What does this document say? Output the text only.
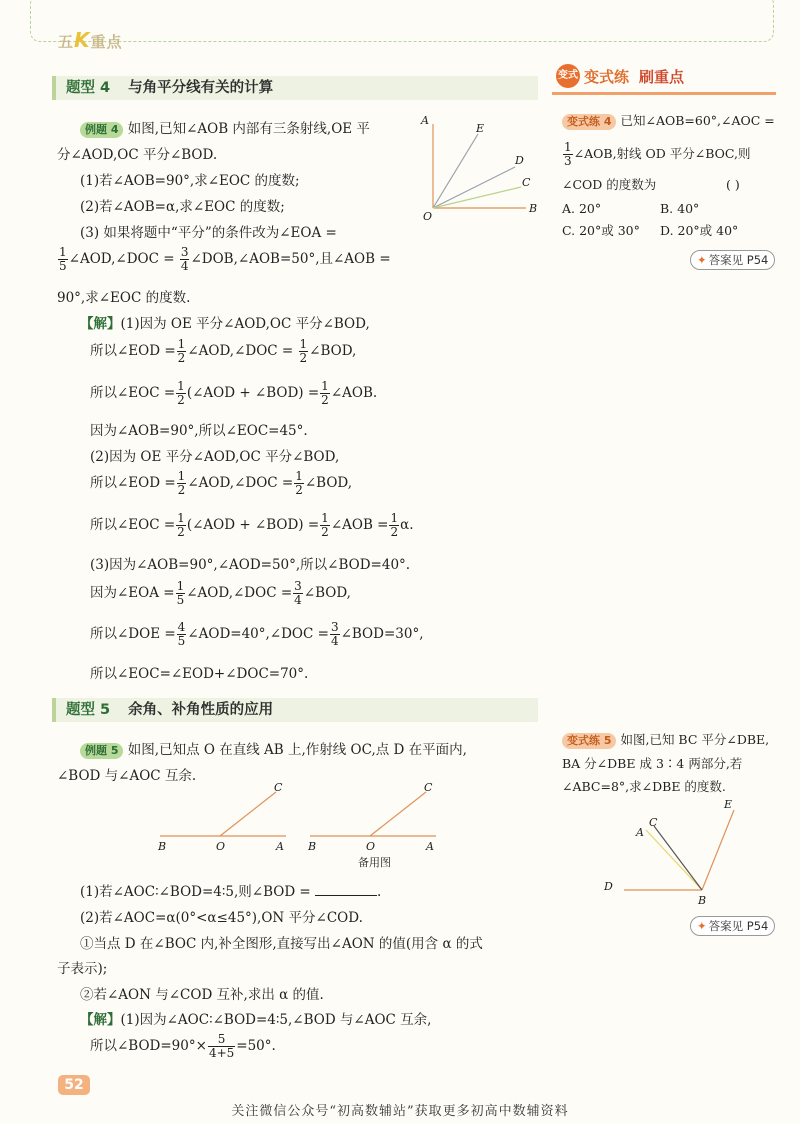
五K重点
题型 4 与角平分线有关的计算
变式 变式练 刷重点
例题 4 如图,已知∠AOB 内部有三条射线,OE 平
分∠AOD,OC 平分∠BOD.
(1)若∠AOB=90°,求∠EOC 的度数;
(2)若∠AOB=α,求∠EOC 的度数;
(3) 如果将题中“平分”的条件改为∠EOA =
$\frac{1}{5}$ ∠AOD,∠DOC = $\frac{3}{4}$ ∠DOB,∠AOB=50°,且∠AOB =
90°,求∠EOC 的度数.
A
E
D
C
O
B
【解】(1)因为 OE 平分∠AOD,OC 平分∠BOD,
所以∠EOD = $\frac{1}{2}$ ∠AOD,∠DOC = $\frac{1}{2}$ ∠BOD,
所以∠EOC = $\frac{1}{2}$ (∠AOD + ∠BOD) = $\frac{1}{2}$ ∠AOB.
因为∠AOB=90°,所以∠EOC=45°.
(2)因为 OE 平分∠AOD,OC 平分∠BOD,
所以∠EOD = $\frac{1}{2}$ ∠AOD,∠DOC = $\frac{1}{2}$ ∠BOD,
所以∠EOC = $\frac{1}{2}$ (∠AOD + ∠BOD) = $\frac{1}{2}$ ∠AOB = $\frac{1}{2} \alpha$.
(3)因为∠AOB=90°,∠AOD=50°,所以∠BOD=40°.
因为∠EOA = $\frac{1}{5}$ ∠AOD,∠DOC = $\frac{3}{4}$ ∠BOD,
所以∠DOE = $\frac{4}{5}$ ∠AOD=40°,∠DOC = $\frac{3}{4}$ ∠BOD=30°,
所以∠EOC=∠EOD+∠DOC=70°.
变式练 4 已知∠AOB=60°,∠AOC =
$\frac{1}{3}$ ∠AOB,射线 OD 平分∠BOC,则
∠COD 的度数为	( )
A. 20°	B. 40°
C. 20°或 30° D. 20°或 40°
✦ 答案见 P54
题型 5 余角、补角性质的应用
例题 5 如图,已知点 O 在直线 AB 上,作射线 OC,点 D 在平面内,
∠BOD 与∠AOC 互余.
B	O	A
C
B	O	A
C
备用图
(1)若∠AOC∶∠BOD=4∶5,则∠BOD =	.
(2)若∠AOC=α(0°<α≤45°),ON 平分∠COD.
①当点 D 在∠BOC 内,补全图形,直接写出∠AON 的值(用含 α 的式
子表示);
②若∠AON 与∠COD 互补,求出 α 的值.
【解】(1)因为∠AOC∶∠BOD=4∶5,∠BOD 与∠AOC 互余,
所以∠BOD=90°× $\frac{5}{4+5} =50^\circ$.
变式练 5 如图,已知 BC 平分∠DBE,
BA 分∠DBE 成 3∶4 两部分,若
∠ABC=8°,求∠DBE 的度数.
E
A
C
D
B
✦ 答案见 P54
52
关注微信公众号“初高数辅站”获取更多初高中数辅资料
